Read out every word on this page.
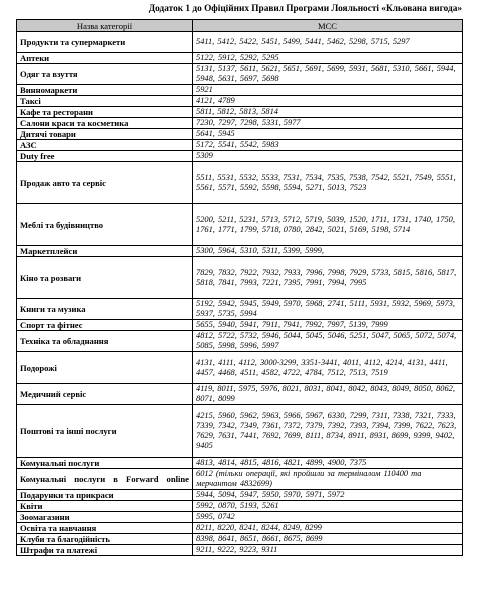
Додаток 1 до Офіційних Правил Програми Лояльності «Кльована вигода»
Назва категорії	MCC
Продукти та супермаркети	5411, 5412, 5422, 5451, 5499, 5441, 5462, 5298, 5715, 5297
Аптеки	5122, 5912, 5292, 5295
Одяг та взуття	5131, 5137, 5611, 5621, 5651, 5691, 5699, 5931, 5681, 5310, 5661, 5944, 5948, 5631, 5697, 5698
Винномаркети	5921
Таксі	4121, 4789
Кафе та ресторани	5811, 5812, 5813, 5814
Салони краси та косметика	7230, 7297, 7298, 5331, 5977
Дитячі товари	5641, 5945
АЗС	5172, 5541, 5542, 5983
Duty free	5309
Продаж авто та сервіс	5511, 5531, 5532, 5533, 7531, 7534, 7535, 7538, 7542, 5521, 7549, 5551, 5561, 5571, 5592, 5598, 5594, 5271, 5013, 7523
Меблі та будівництво	5200, 5211, 5231, 5713, 5712, 5719, 5039, 1520, 1711, 1731, 1740, 1750, 1761, 1771, 1799, 5718, 0780, 2842, 5021, 5169, 5198, 5714
Маркетплейси	5300, 5964, 5310, 5311, 5399, 5999,
Кіно та розваги	7829, 7832, 7922, 7932, 7933, 7996, 7998, 7929, 5733, 5815, 5816, 5817, 5818, 7841, 7993, 7221, 7395, 7991, 7994, 7995
Книги та музика	5192, 5942, 5945, 5949, 5970, 5968, 2741, 5111, 5931, 5932, 5969, 5973, 5937, 5735, 5994
Спорт та фітнес	5655, 5940, 5941, 7911, 7941, 7992, 7997, 5139, 7999
Техніка та обладнання	4812, 5722, 5732, 5946, 5044, 5045, 5046, 5251, 5047, 5065, 5072, 5074, 5085, 5998, 5996, 5997
Подорожі	4131, 4111, 4112, 3000-3299, 3351-3441, 4011, 4112, 4214, 4131, 4411, 4457, 4468, 4511, 4582, 4722, 4784, 7512, 7513, 7519
Медичний сервіс	4119, 8011, 5975, 5976, 8021, 8031, 8041, 8042, 8043, 8049, 8050, 8062, 8071, 8099
Поштові та інші послуги	4215, 5960, 5962, 5963, 5966, 5967, 6330, 7299, 7311, 7338, 7321, 7333, 7339, 7342, 7349, 7361, 7372, 7379, 7392, 7393, 7394, 7399, 7622, 7623, 7629, 7631, 7441, 7692, 7699, 8111, 8734, 8911, 8931, 8699, 9399, 9402, 9405
Комунальні послуги	4813, 4814, 4815, 4816, 4821, 4899, 4900, 7375
Комунальні послуги в Forward online	6012 (тільки операції, які пройшли за терміналом 110400 та мерчантом 4832699)
Подарунки та прикраси	5944, 5094, 5947, 5950, 5970, 5971, 5972
Квіти	5992, 0870, 5193, 5261
Зоомагазини	5995, 0742
Освіта та навчання	8211, 8220, 8241, 8244, 8249, 8299
Клуби та благодійність	8398, 8641, 8651, 8661, 8675, 8699
Штрафи та платежі	9211, 9222, 9223, 9311
